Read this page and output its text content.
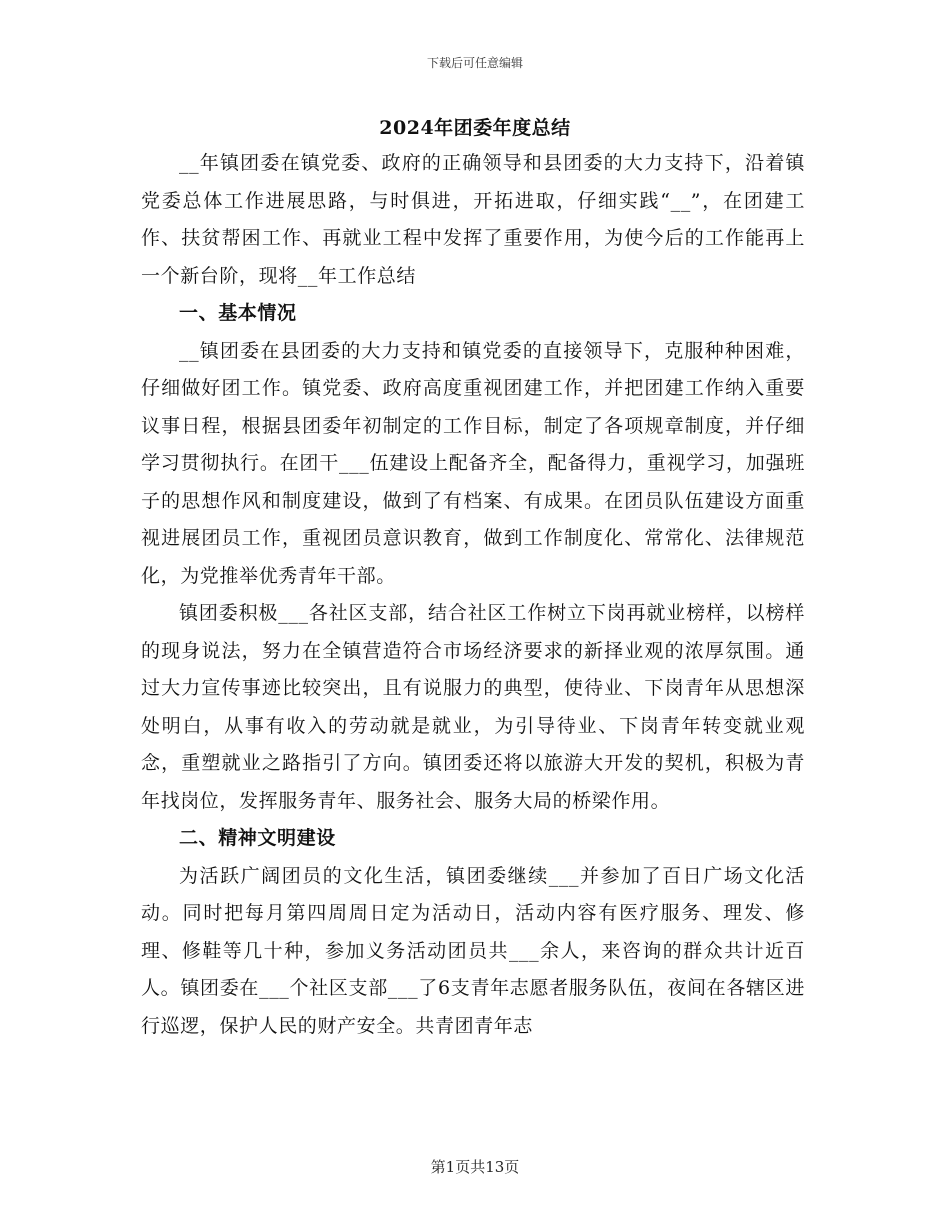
下载后可任意编辑
2024年团委年度总结

__年镇团委在镇党委、政府的正确领导和县团委的大力支持下，沿着镇党委总体工作进展思路，与时俱进，开拓进取，仔细实践“__”，在团建工作、扶贫帮困工作、再就业工程中发挥了重要作用，为使今后的工作能再上一个新台阶，现将__年工作总结

一、基本情况

__镇团委在县团委的大力支持和镇党委的直接领导下，克服种种困难，仔细做好团工作。镇党委、政府高度重视团建工作，并把团建工作纳入重要议事日程，根据县团委年初制定的工作目标，制定了各项规章制度，并仔细学习贯彻执行。在团干___伍建设上配备齐全，配备得力，重视学习，加强班子的思想作风和制度建设，做到了有档案、有成果。在团员队伍建设方面重视进展团员工作，重视团员意识教育，做到工作制度化、常常化、法律规范化，为党推举优秀青年干部。

镇团委积极___各社区支部，结合社区工作树立下岗再就业榜样，以榜样的现身说法，努力在全镇营造符合市场经济要求的新择业观的浓厚氛围。通过大力宣传事迹比较突出，且有说服力的典型，使待业、下岗青年从思想深处明白，从事有收入的劳动就是就业，为引导待业、下岗青年转变就业观念，重塑就业之路指引了方向。镇团委还将以旅游大开发的契机，积极为青年找岗位，发挥服务青年、服务社会、服务大局的桥梁作用。

二、精神文明建设

为活跃广阔团员的文化生活，镇团委继续___并参加了百日广场文化活动。同时把每月第四周周日定为活动日，活动内容有医疗服务、理发、修理、修鞋等几十种，参加义务活动团员共___余人，来咨询的群众共计近百人。镇团委在___个社区支部___了6支青年志愿者服务队伍，夜间在各辖区进行巡逻，保护人民的财产安全。共青团青年志

第1页共13页
